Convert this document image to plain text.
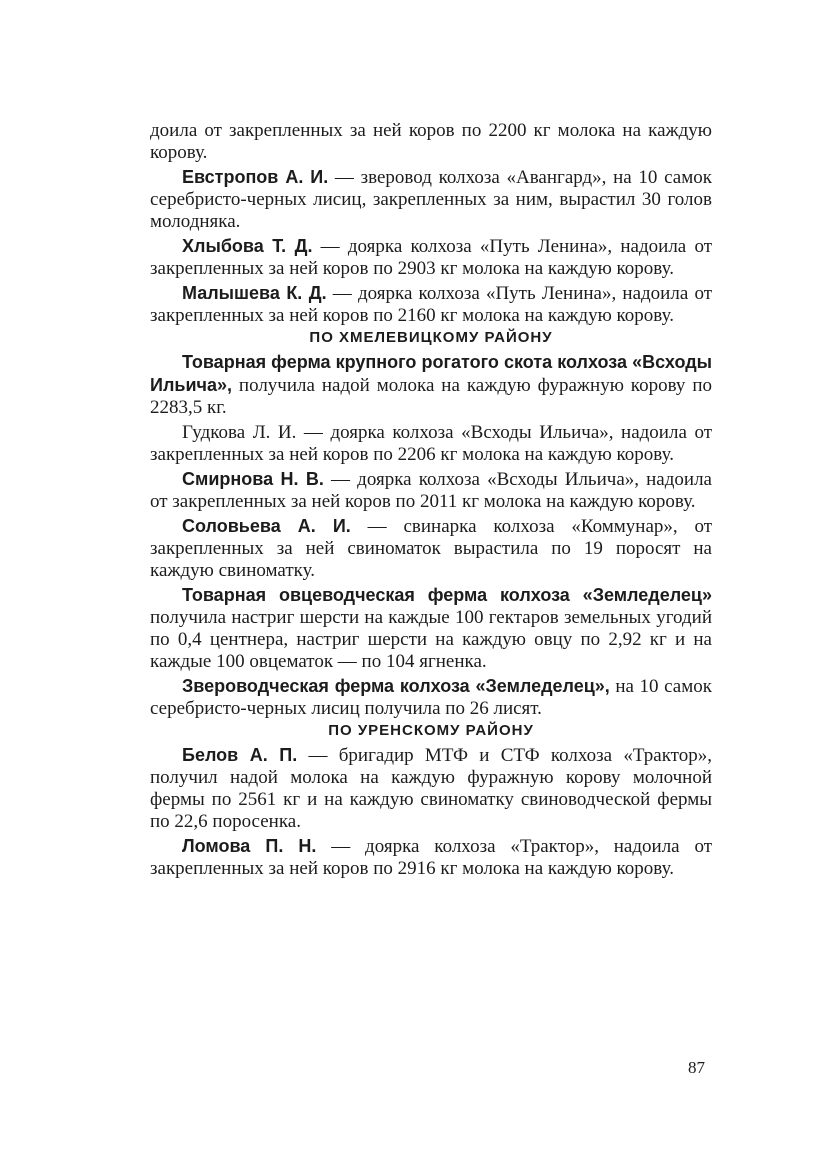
доила от закрепленных за ней коров по 2200 кг молока на каждую корову.

Евстропов А. И. — зверовод колхоза «Авангард», на 10 самок серебристо-черных лисиц, закрепленных за ним, вырастил 30 голов молодняка.

Хлыбова Т. Д. — доярка колхоза «Путь Ленина», надоила от закрепленных за ней коров по 2903 кг молока на каждую корову.

Малышева К. Д. — доярка колхоза «Путь Ленина», надоила от закрепленных за ней коров по 2160 кг молока на каждую корову.

ПО ХМЕЛЕВИЦКОМУ РАЙОНУ

Товарная ферма крупного рогатого скота колхоза «Всходы Ильича», получила надой молока на каждую фуражную корову по 2283,5 кг.

Гудкова Л. И. — доярка колхоза «Всходы Ильича», надоила от закрепленных за ней коров по 2206 кг молока на каждую корову.

Смирнова Н. В. — доярка колхоза «Всходы Ильича», надоила от закрепленных за ней коров по 2011 кг молока на каждую корову.

Соловьева А. И. — свинарка колхоза «Коммунар», от закрепленных за ней свиноматок вырастила по 19 поросят на каждую свиноматку.

Товарная овцеводческая ферма колхоза «Земледелец» получила настриг шерсти на каждые 100 гектаров земельных угодий по 0,4 центнера, настриг шерсти на каждую овцу по 2,92 кг и на каждые 100 овцематок — по 104 ягненка.

Звероводческая ферма колхоза «Земледелец», на 10 самок серебристо-черных лисиц получила по 26 лисят.

ПО УРЕНСКОМУ РАЙОНУ

Белов А. П. — бригадир МТФ и СТФ колхоза «Трактор», получил надой молока на каждую фуражную корову молочной фермы по 2561 кг и на каждую свиноматку свиноводческой фермы по 22,6 поросенка.

Ломова П. Н. — доярка колхоза «Трактор», надоила от закрепленных за ней коров по 2916 кг молока на каждую корову.

87
